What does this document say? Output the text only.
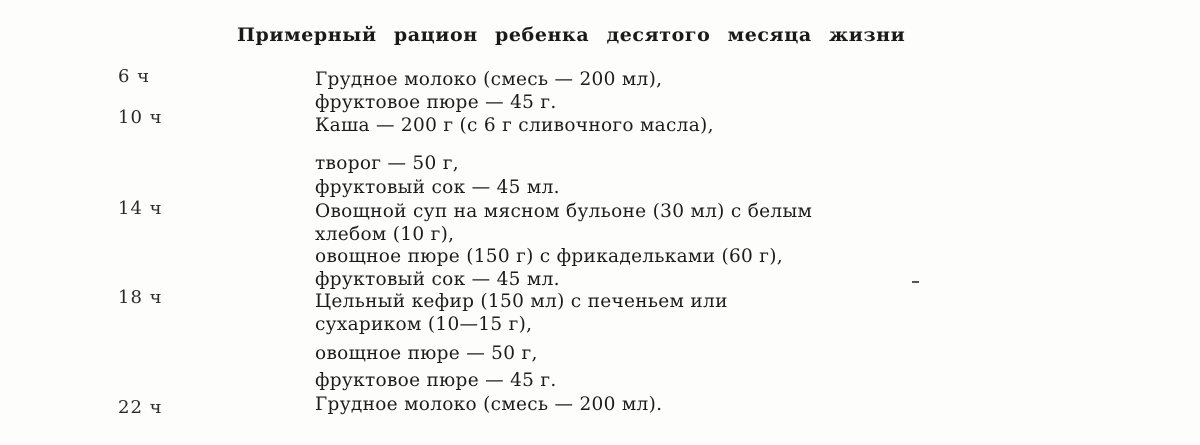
Примерный рацион ребенка десятого месяца жизни
6 ч	Грудное молоко (смесь — 200 мл),
фруктовое пюре — 45 г.
10 ч	Каша — 200 г (с 6 г сливочного масла),
творог — 50 г,
фруктовый сок — 45 мл.
14 ч	Овощной суп на мясном бульоне (30 мл) с белым
хлебом (10 г),
овощное пюре (150 г) с фрикадельками (60 г),
фруктовый сок — 45 мл.
18 ч	Цельный кефир (150 мл) с печеньем или
сухариком (10—15 г),
овощное пюре — 50 г,
фруктовое пюре — 45 г.
22 ч	Грудное молоко (смесь — 200 мл).
